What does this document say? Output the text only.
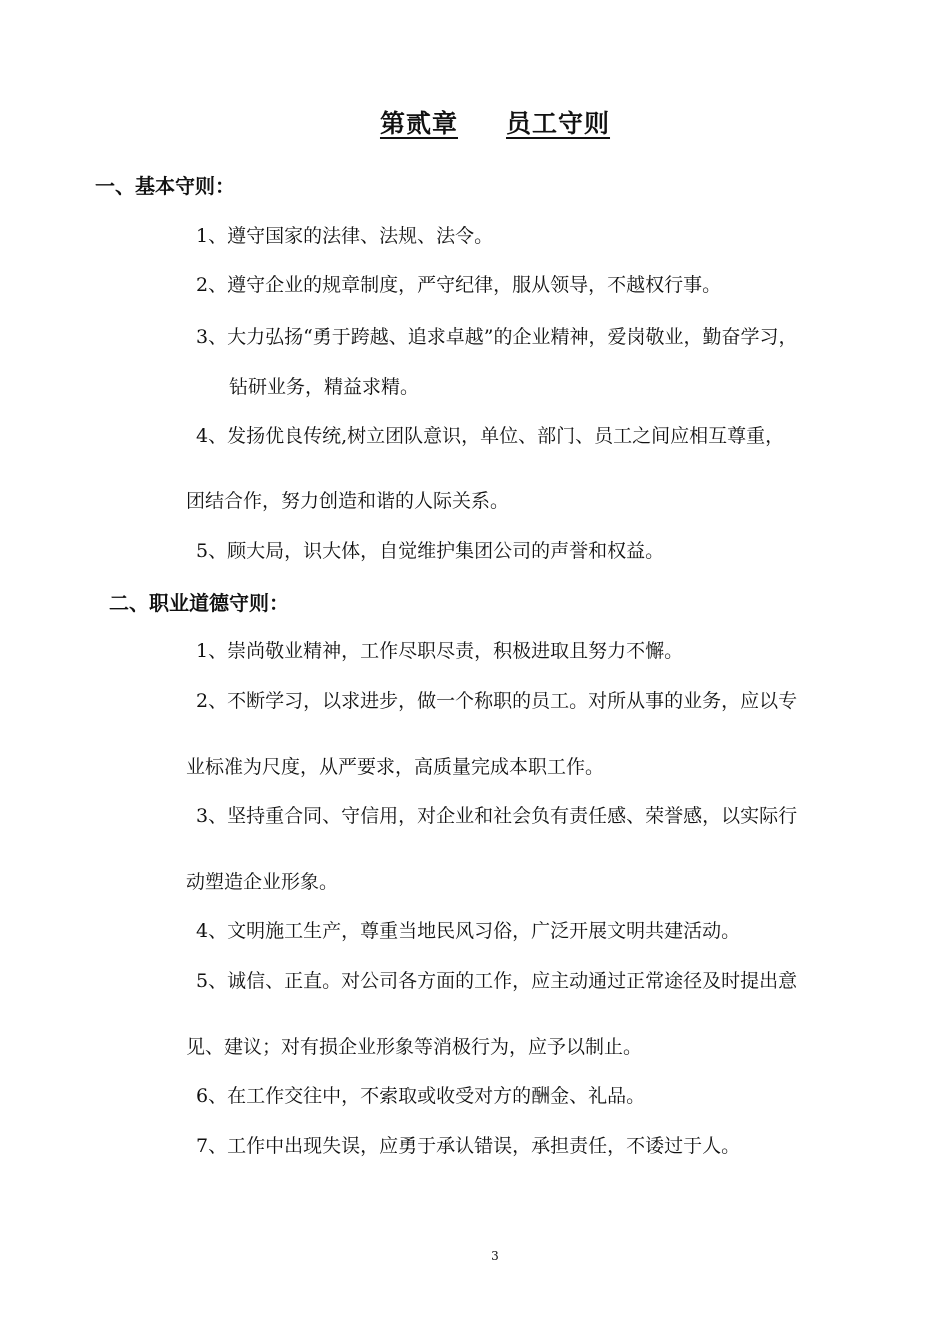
第贰章 员工守则
一、基本守则：
1、遵守国家的法律、法规、法令。
2、遵守企业的规章制度，严守纪律，服从领导，不越权行事。
3、大力弘扬“勇于跨越、追求卓越”的企业精神，爱岗敬业，勤奋学习，
钻研业务，精益求精。
4、发扬优良传统,树立团队意识，单位、部门、员工之间应相互尊重，
团结合作，努力创造和谐的人际关系。
5、顾大局，识大体，自觉维护集团公司的声誉和权益。
二、职业道德守则：
1、崇尚敬业精神，工作尽职尽责，积极进取且努力不懈。
2、不断学习，以求进步，做一个称职的员工。对所从事的业务，应以专
业标准为尺度，从严要求，高质量完成本职工作。
3、坚持重合同、守信用，对企业和社会负有责任感、荣誉感，以实际行
动塑造企业形象。
4、文明施工生产，尊重当地民风习俗，广泛开展文明共建活动。
5、诚信、正直。对公司各方面的工作，应主动通过正常途径及时提出意
见、建议；对有损企业形象等消极行为，应予以制止。
6、在工作交往中，不索取或收受对方的酬金、礼品。
7、工作中出现失误，应勇于承认错误，承担责任，不诿过于人。
3
